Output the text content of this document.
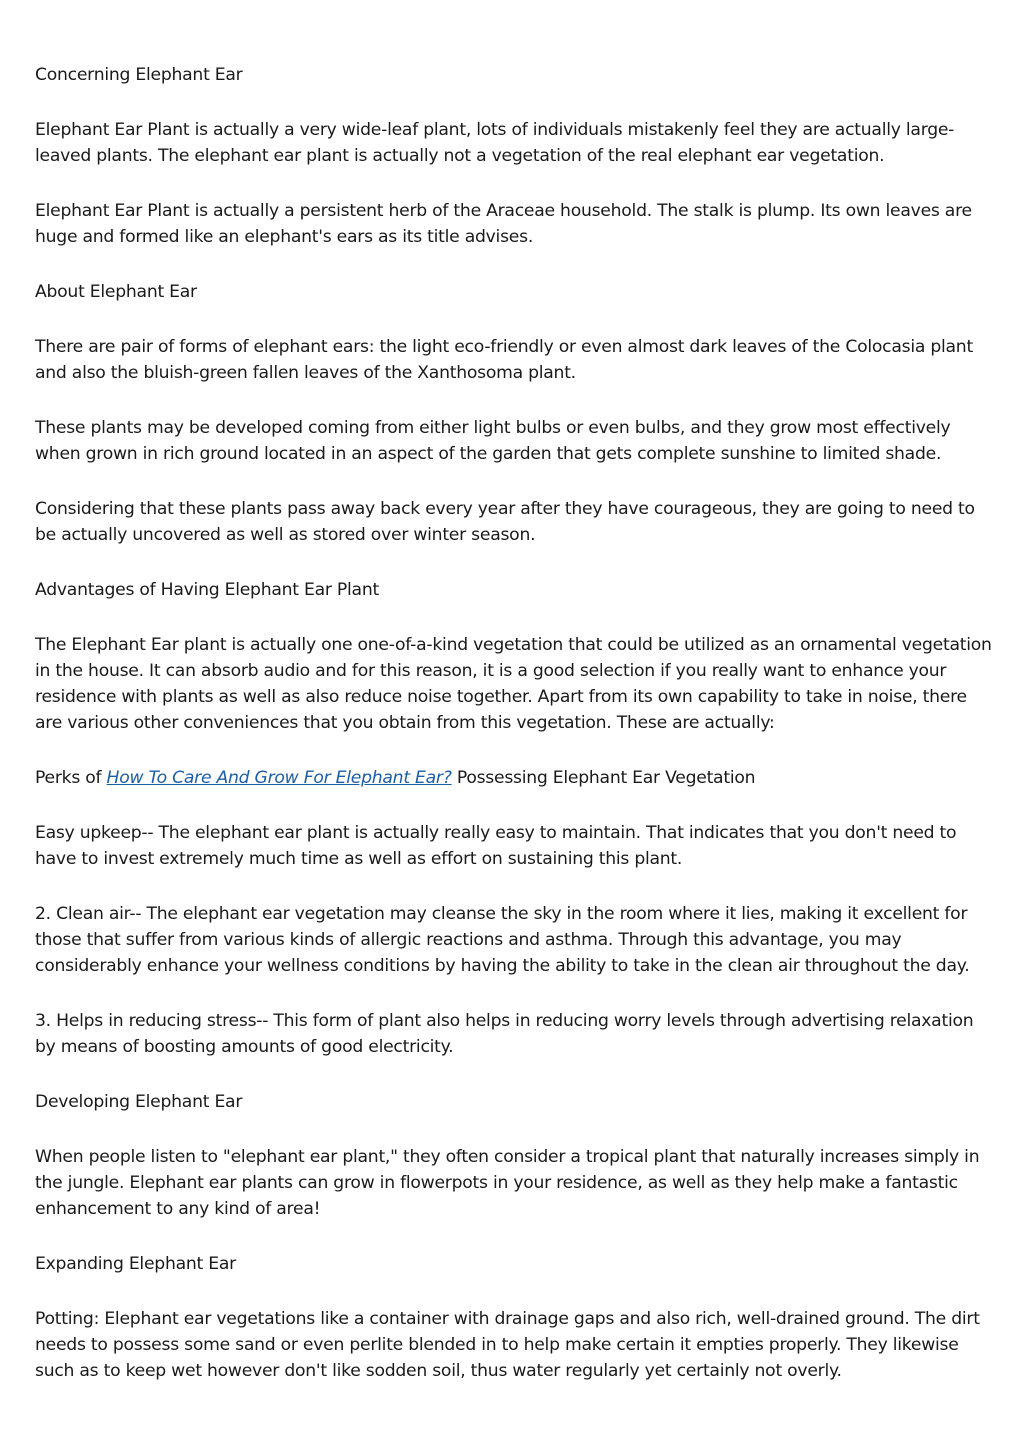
Concerning Elephant Ear

Elephant Ear Plant is actually a very wide-leaf plant, lots of individuals mistakenly feel they are actually large-leaved plants. The elephant ear plant is actually not a vegetation of the real elephant ear vegetation.

Elephant Ear Plant is actually a persistent herb of the Araceae household. The stalk is plump. Its own leaves are huge and formed like an elephant's ears as its title advises.

About Elephant Ear

There are pair of forms of elephant ears: the light eco-friendly or even almost dark leaves of the Colocasia plant and also the bluish-green fallen leaves of the Xanthosoma plant.

These plants may be developed coming from either light bulbs or even bulbs, and they grow most effectively when grown in rich ground located in an aspect of the garden that gets complete sunshine to limited shade.

Considering that these plants pass away back every year after they have courageous, they are going to need to be actually uncovered as well as stored over winter season.

Advantages of Having Elephant Ear Plant

The Elephant Ear plant is actually one one-of-a-kind vegetation that could be utilized as an ornamental vegetation in the house. It can absorb audio and for this reason, it is a good selection if you really want to enhance your residence with plants as well as also reduce noise together. Apart from its own capability to take in noise, there are various other conveniences that you obtain from this vegetation. These are actually:

Perks of How To Care And Grow For Elephant Ear? Possessing Elephant Ear Vegetation

Easy upkeep-- The elephant ear plant is actually really easy to maintain. That indicates that you don't need to have to invest extremely much time as well as effort on sustaining this plant.

2. Clean air-- The elephant ear vegetation may cleanse the sky in the room where it lies, making it excellent for those that suffer from various kinds of allergic reactions and asthma. Through this advantage, you may considerably enhance your wellness conditions by having the ability to take in the clean air throughout the day.

3. Helps in reducing stress-- This form of plant also helps in reducing worry levels through advertising relaxation by means of boosting amounts of good electricity.

Developing Elephant Ear

When people listen to "elephant ear plant," they often consider a tropical plant that naturally increases simply in the jungle. Elephant ear plants can grow in flowerpots in your residence, as well as they help make a fantastic enhancement to any kind of area!

Expanding Elephant Ear

Potting: Elephant ear vegetations like a container with drainage gaps and also rich, well-drained ground. The dirt needs to possess some sand or even perlite blended in to help make certain it empties properly. They likewise such as to keep wet however don't like sodden soil, thus water regularly yet certainly not overly.
